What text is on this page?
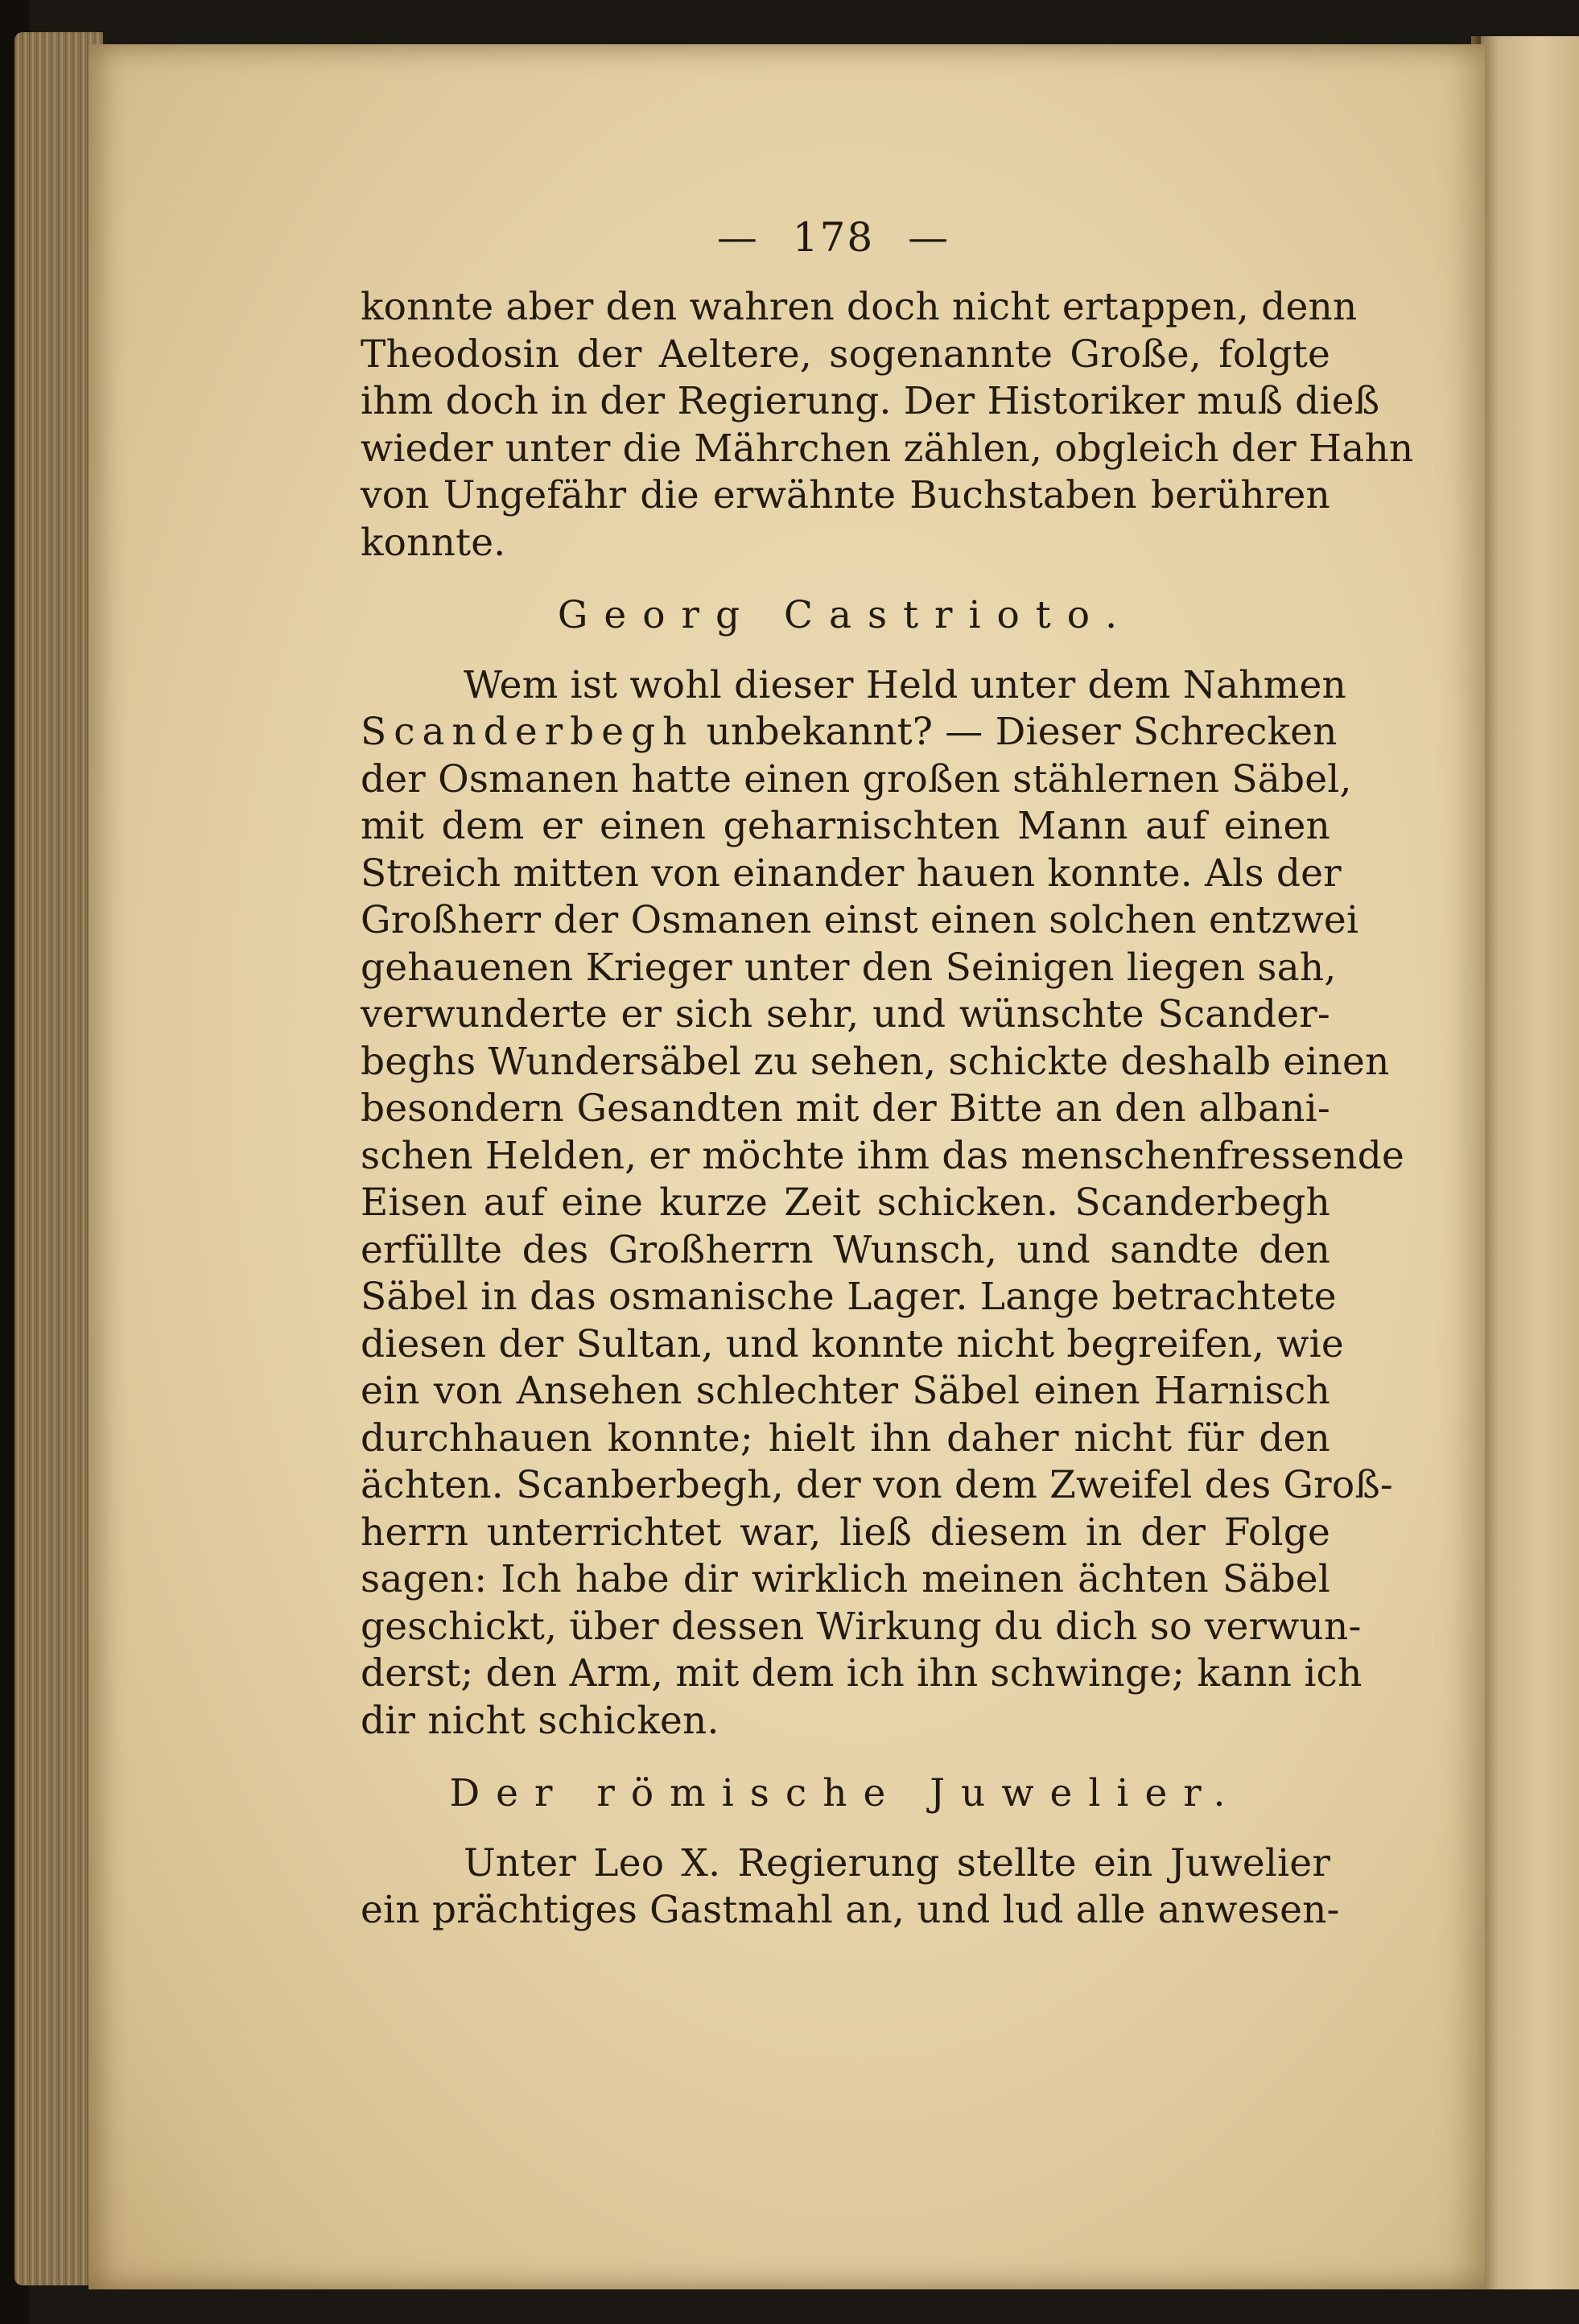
— 178 —
konnte aber den wahren doch nicht ertappen, denn
Theodosin der Aeltere, sogenannte Große, folgte
ihm doch in der Regierung. Der Historiker muß dieß
wieder unter die Mährchen zählen, obgleich der Hahn
von Ungefähr die erwähnte Buchstaben berühren
konnte.
Georg Castrioto.
Wem ist wohl dieser Held unter dem Nahmen
Scanderbegh unbekannt? — Dieser Schrecken
der Osmanen hatte einen großen stählernen Säbel,
mit dem er einen geharnischten Mann auf einen
Streich mitten von einander hauen konnte. Als der
Großherr der Osmanen einst einen solchen entzwei
gehauenen Krieger unter den Seinigen liegen sah,
verwunderte er sich sehr, und wünschte Scander-
beghs Wundersäbel zu sehen, schickte deshalb einen
besondern Gesandten mit der Bitte an den albani-
schen Helden, er möchte ihm das menschenfressende
Eisen auf eine kurze Zeit schicken. Scanderbegh
erfüllte des Großherrn Wunsch, und sandte den
Säbel in das osmanische Lager. Lange betrachtete
diesen der Sultan, und konnte nicht begreifen, wie
ein von Ansehen schlechter Säbel einen Harnisch
durchhauen konnte; hielt ihn daher nicht für den
ächten. Scanberbegh, der von dem Zweifel des Groß-
herrn unterrichtet war, ließ diesem in der Folge
sagen: Ich habe dir wirklich meinen ächten Säbel
geschickt, über dessen Wirkung du dich so verwun-
derst; den Arm, mit dem ich ihn schwinge; kann ich
dir nicht schicken.
Der römische Juwelier.
Unter Leo X. Regierung stellte ein Juwelier
ein prächtiges Gastmahl an, und lud alle anwesen-
